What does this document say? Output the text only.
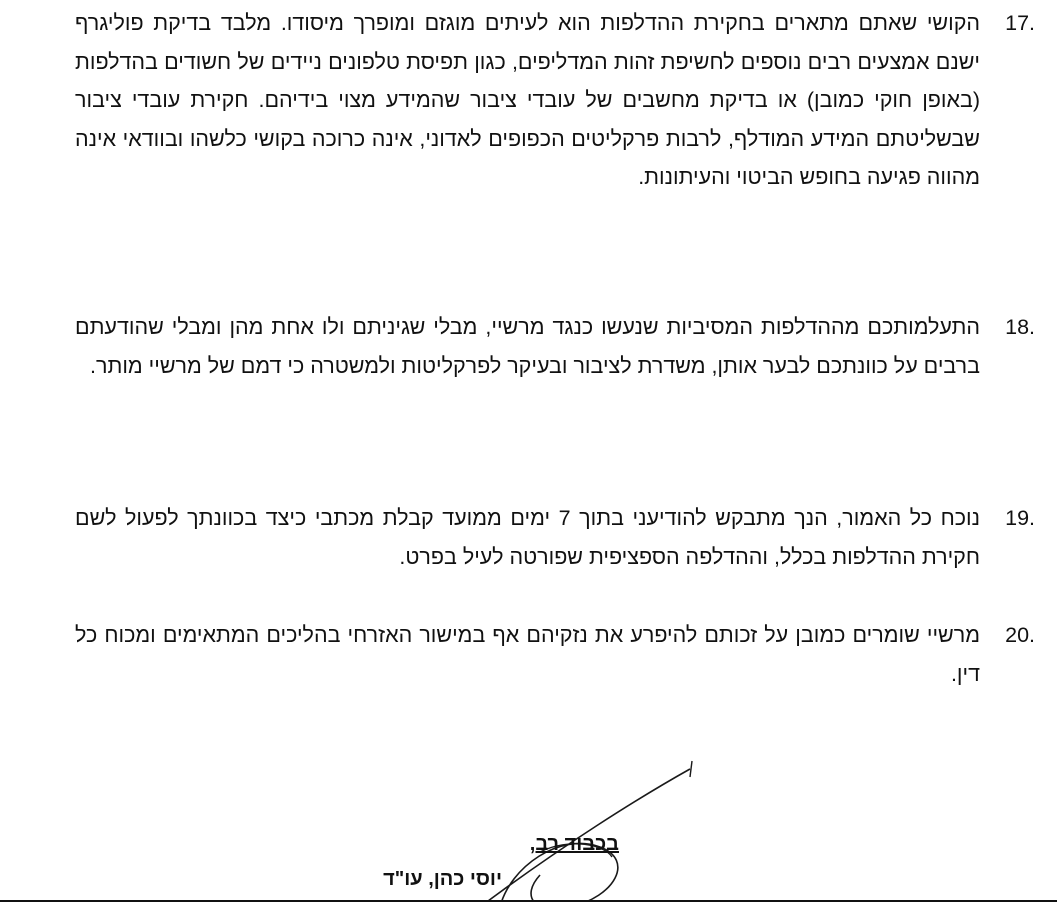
17.
הקושי שאתם מתארים בחקירת ההדלפות הוא לעיתים מוגזם ומופרך מיסודו. מלבד בדיקת פוליגרף ישנם אמצעים רבים נוספים לחשיפת זהות המדליפים, כגון תפיסת טלפונים ניידים של חשודים בהדלפות (באופן חוקי כמובן) או בדיקת מחשבים של עובדי ציבור שהמידע מצוי בידיהם. חקירת עובדי ציבור שבשליטתם המידע המודלף, לרבות פרקליטים הכפופים לאדוני, אינה כרוכה בקושי כלשהו ובוודאי אינה מהווה פגיעה בחופש הביטוי והעיתונות.
18.
התעלמותכם מההדלפות המסיביות שנעשו כנגד מרשיי, מבלי שגיניתם ולו אחת מהן ומבלי שהודעתם ברבים על כוונתכם לבער אותן, משדרת לציבור ובעיקר לפרקליטות ולמשטרה כי דמם של מרשיי מותר.
19.
נוכח כל האמור, הנך מתבקש להודיעני בתוך 7 ימים ממועד קבלת מכתבי כיצד בכוונתך לפעול לשם חקירת ההדלפות בכלל, וההדלפה הספציפית שפורטה לעיל בפרט.
20.
מרשיי שומרים כמובן על זכותם להיפרע את נזקיהם אף במישור האזרחי בהליכים המתאימים ומכוח כל דין.
בכבוד רב,
יוסי כהן, עו"ד
